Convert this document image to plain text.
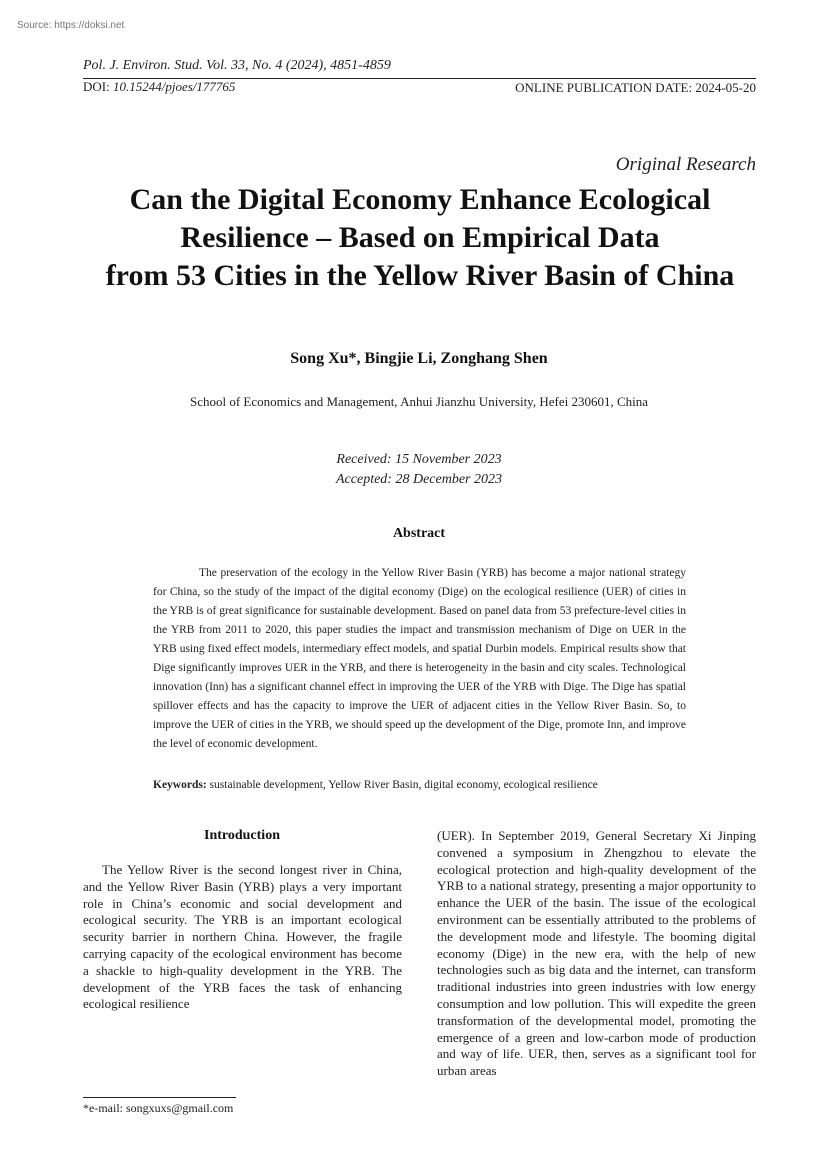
Source: https://doksi.net
Pol. J. Environ. Stud. Vol. 33, No. 4 (2024), 4851-4859
DOI: 10.15244/pjoes/177765	ONLINE PUBLICATION DATE: 2024-05-20
Original Research
Can the Digital Economy Enhance Ecological
Resilience – Based on Empirical Data
from 53 Cities in the Yellow River Basin of China
Song Xu*, Bingjie Li, Zonghang Shen
School of Economics and Management, Anhui Jianzhu University, Hefei 230601, China
Received: 15 November 2023
Accepted: 28 December 2023
Abstract

The preservation of the ecology in the Yellow River Basin (YRB) has become a major national strategy for China, so the study of the impact of the digital economy (Dige) on the ecological resilience (UER) of cities in the YRB is of great significance for sustainable development. Based on panel data from 53 prefecture-level cities in the YRB from 2011 to 2020, this paper studies the impact and transmission mechanism of Dige on UER in the YRB using fixed effect models, intermediary effect models, and spatial Durbin models. Empirical results show that Dige significantly improves UER in the YRB, and there is heterogeneity in the basin and city scales. Technological innovation (Inn) has a significant channel effect in improving the UER of the YRB with Dige. The Dige has spatial spillover effects and has the capacity to improve the UER of adjacent cities in the Yellow River Basin. So, to improve the UER of cities in the YRB, we should speed up the development of the Dige, promote Inn, and improve the level of economic development.

Keywords: sustainable development, Yellow River Basin, digital economy, ecological resilience
Introduction

The Yellow River is the second longest river in China, and the Yellow River Basin (YRB) plays a very important role in China’s economic and social development and ecological security. The YRB is an important ecological security barrier in northern China. However, the fragile carrying capacity of the ecological environment has become a shackle to high-quality development in the YRB. The development of the YRB faces the task of enhancing ecological resilience

(UER). In September 2019, General Secretary Xi Jinping convened a symposium in Zhengzhou to elevate the ecological protection and high-quality development of the YRB to a national strategy, presenting a major opportunity to enhance the UER of the basin. The issue of the ecological environment can be essentially attributed to the problems of the development mode and lifestyle. The booming digital economy (Dige) in the new era, with the help of new technologies such as big data and the internet, can transform traditional industries into green industries with low energy consumption and low pollution. This will expedite the green transformation of the developmental model, promoting the emergence of a green and low-carbon mode of production and way of life. UER, then, serves as a significant tool for urban areas

*e-mail: songxuxs@gmail.com
